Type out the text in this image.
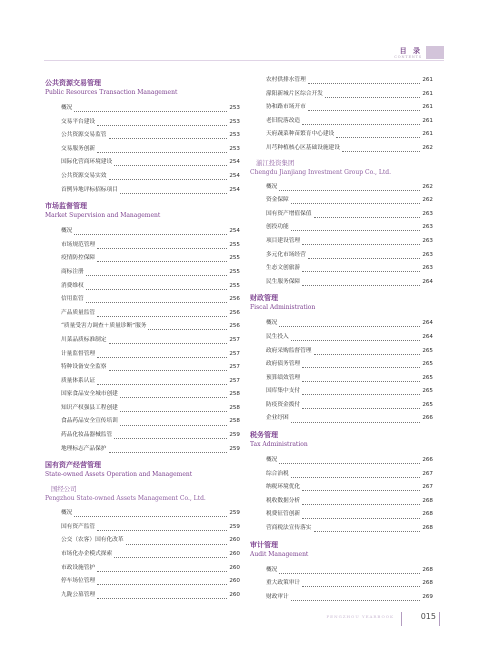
目 录
CONTENTS
公共资源交易管理
Public Resources Transaction Management
概况	253
交易平台建设	253
公共资源交易监管	253
交易服务创新	253
国际化营商环境建设	254
公共资源交易实效	254
首例异地评标招标项目	254
市场监督管理
Market Supervision and Management
概况	254
市场规范管理	255
疫情防控保障	255
商标注册	255
消费维权	255
信用监管	256
产品质量监管	256
“质量受害力调查＋质量诊断”服务	256
川菜品质标准制定	257
计量监督管理	257
特种设备安全监察	257
质量体系认证	257
国家食品安全城市创建	258
知识产权强县工程创建	258
食品药品安全宣传培训	258
药品化妆品器械监管	259
地理标志产品保护	259
国有资产经营管理
State-owned Assets Operation and Management
国经公司
Pengzhou State-owned Assets Management Co., Ltd.
概况	259
国有资产监管	259
公交（农客）国有化改革	260
市场化办企模式探索	260
市政设施管护	260
停车场位管理	260
九陇公墓管理	260
农村供排水管理	261
濛阳新城片区综合开发	261
协和路市场开市	261
老旧院落改造	261
天府蔬菜种苗繁育中心建设	261
川芎种植核心区基础设施建设	262
湔江投资集团
Chengdu Jianjiang Investment Group Co., Ltd.
概况	262
资金保障	262
国有资产增值保值	263
创投功能	263
项目建设管理	263
多元化市场经营	263
生态文创旅游	263
民生服务保障	264
财政管理
Fiscal Administration
概况	264
民生投入	264
政府采购监督管理	265
政府债务管理	265
预算绩效管理	265
国库集中支付	265
防疫资金拨付	265
企业纾困	266
税务管理
Tax Administration
概况	266
综合治税	267
纳税环境优化	267
税收数据分析	268
税费征管创新	268
营商税法宣传落实	268
审计管理
Audit Management
概况	268
重大政策审计	268
财政审计	269
PENGZHOU YEARBOOK	015
